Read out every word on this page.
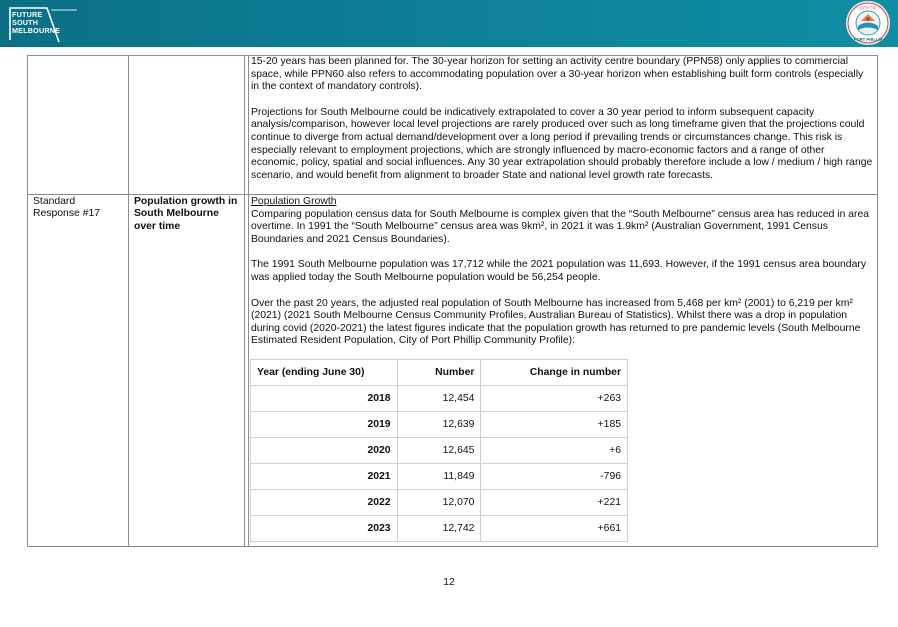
FUTURE
SOUTH
MELBOURNE
CITY OF
PORT PHILLIP

15-20 years has been planned for. The 30-year horizon for setting an activity centre boundary (PPN58) only applies to commercial space, while PPN60 also refers to accommodating population over a 30-year horizon when establishing built form controls (especially in the context of mandatory controls).

Projections for South Melbourne could be indicatively extrapolated to cover a 30 year period to inform subsequent capacity analysis/comparison, however local level projections are rarely produced over such as long timeframe given that the projections could continue to diverge from actual demand/development over a long period if prevailing trends or circumstances change. This risk is especially relevant to employment projections, which are strongly influenced by macro-economic factors and a range of other economic, policy, spatial and social influences. Any 30 year extrapolation should probably therefore include a low / medium / high range scenario, and would benefit from alignment to broader State and national level growth rate forecasts.

Standard Response #17
Population growth in South Melbourne over time

Population Growth

Comparing population census data for South Melbourne is complex given that the “South Melbourne” census area has reduced in area overtime. In 1991 the “South Melbourne” census area was 9km², in 2021 it was 1.9km² (Australian Government, 1991 Census Boundaries and 2021 Census Boundaries).

The 1991 South Melbourne population was 17,712 while the 2021 population was 11,693. However, if the 1991 census area boundary was applied today the South Melbourne population would be 56,254 people.

Over the past 20 years, the adjusted real population of South Melbourne has increased from 5,468 per km² (2001) to 6,219 per km² (2021) (2021 South Melbourne Census Community Profiles, Australian Bureau of Statistics). Whilst there was a drop in population during covid (2020-2021) the latest figures indicate that the population growth has returned to pre pandemic levels (South Melbourne Estimated Resident Population, City of Port Phillip Community Profile):

Year (ending June 30)	Number	Change in number
2018	12,454	+263
2019	12,639	+185
2020	12,645	+6
2021	11,849	-796
2022	12,070	+221
2023	12,742	+661
12
